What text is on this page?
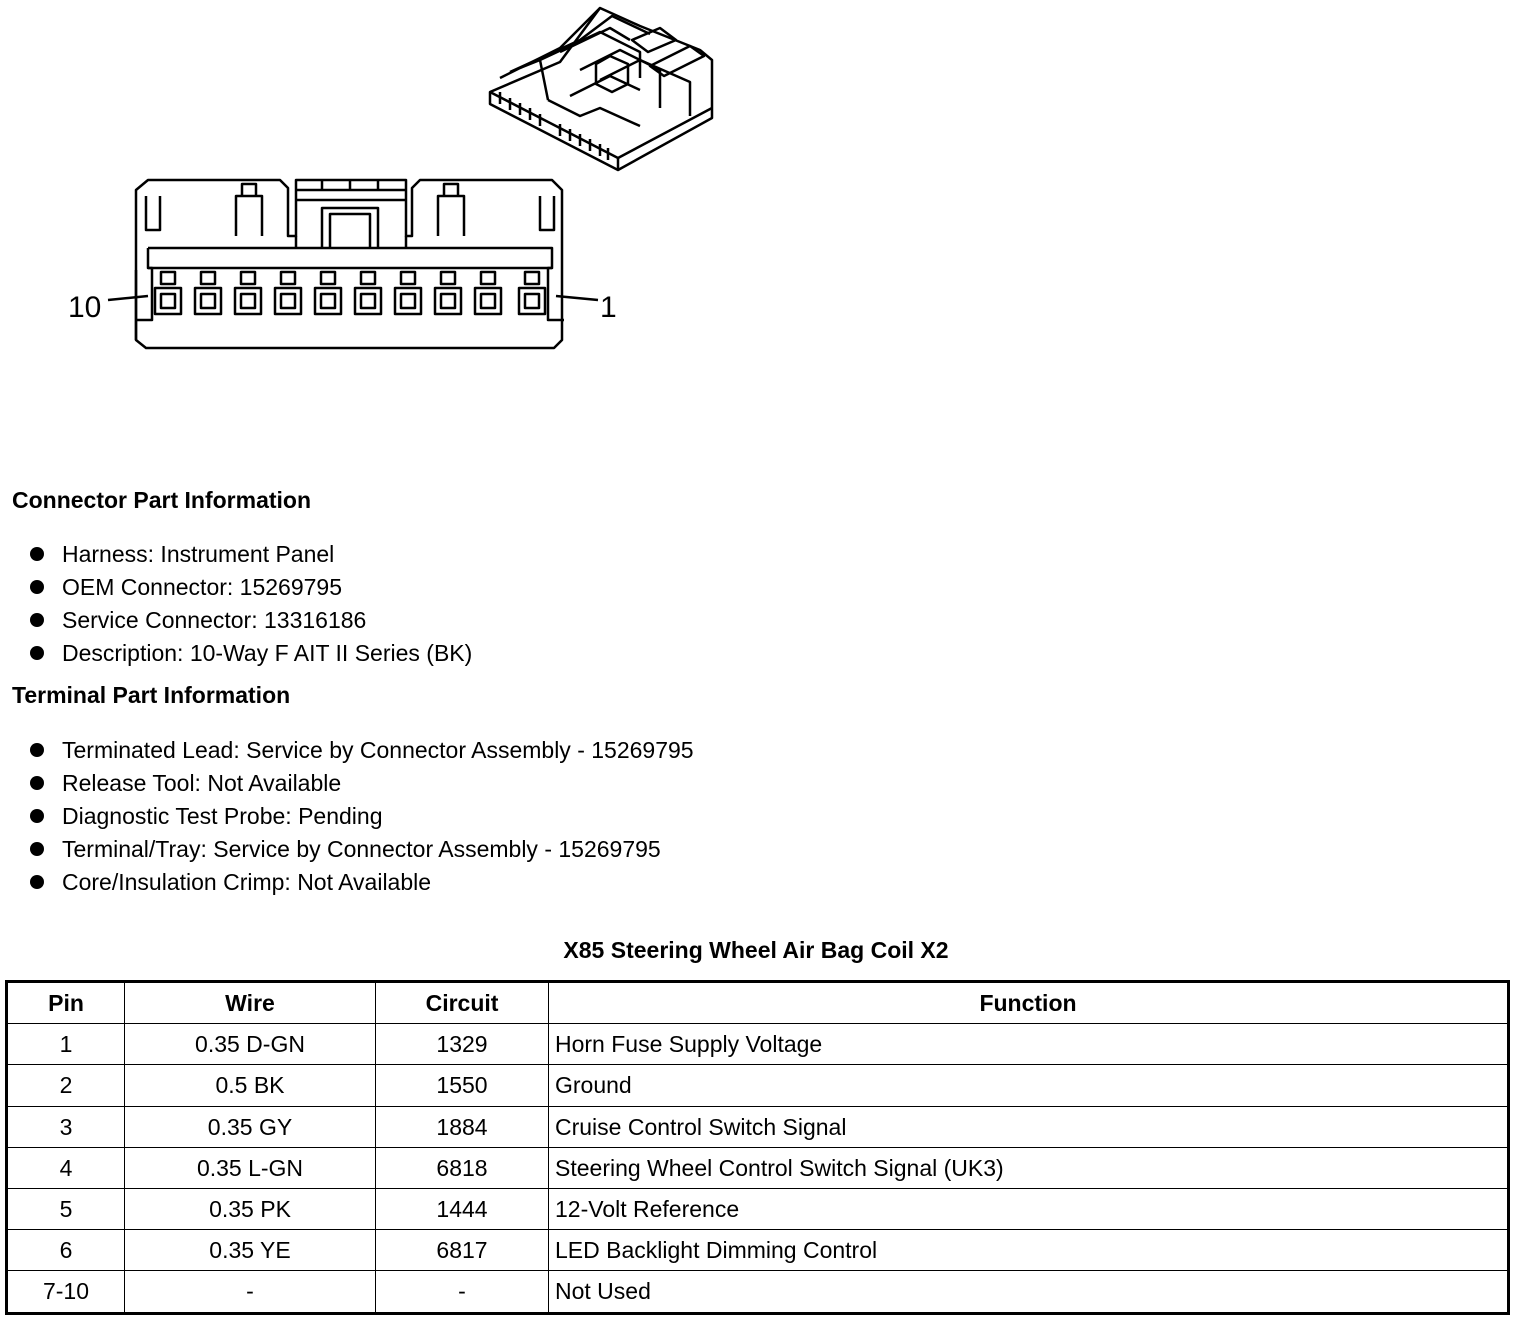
10	1
Connector Part Information
Harness: Instrument Panel
OEM Connector: 15269795
Service Connector: 13316186
Description: 10-Way F AIT II Series (BK)
Terminal Part Information
Terminated Lead: Service by Connector Assembly - 15269795
Release Tool: Not Available
Diagnostic Test Probe: Pending
Terminal/Tray: Service by Connector Assembly - 15269795
Core/Insulation Crimp: Not Available
X85 Steering Wheel Air Bag Coil X2
Pin	Wire	Circuit	Function
1	0.35 D-GN	1329	Horn Fuse Supply Voltage
2	0.5 BK	1550	Ground
3	0.35 GY	1884	Cruise Control Switch Signal
4	0.35 L-GN	6818	Steering Wheel Control Switch Signal (UK3)
5	0.35 PK	1444	12-Volt Reference
6	0.35 YE	6817	LED Backlight Dimming Control
7-10	-	-	Not Used
